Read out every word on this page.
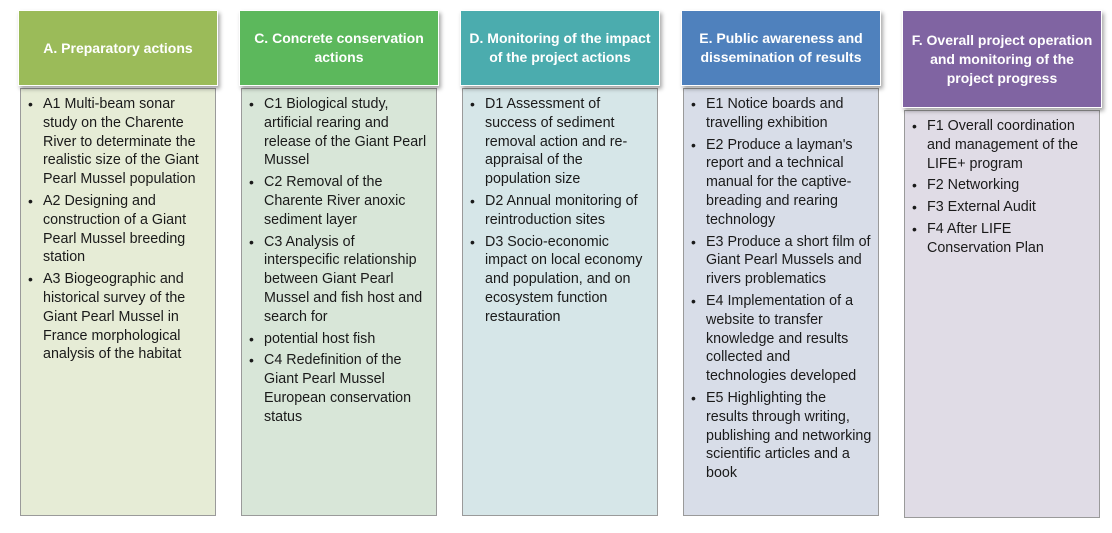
• A1 Multi-beam sonar study on the Charente River to determinate the realistic size of the Giant Pearl Mussel population
• A2 Designing and construction of a Giant Pearl Mussel breeding station
• A3 Biogeographic and historical survey of the Giant Pearl Mussel in France morphological analysis of the habitat
A. Preparatory actions
• C1 Biological study, artificial rearing and release of the Giant Pearl Mussel
• C2 Removal of the Charente River anoxic sediment layer
• C3 Analysis of interspecific relationship between Giant Pearl Mussel and fish host and search for
• potential host fish
• C4 Redefinition of the Giant Pearl Mussel European conservation status
C. Concrete conservation actions
• D1 Assessment of success of sediment removal action and re-appraisal of the population size
• D2 Annual monitoring of reintroduction sites
• D3 Socio-economic impact on local economy and population, and on ecosystem function restauration
D. Monitoring of the impact of the project actions
• E1 Notice boards and travelling exhibition
• E2 Produce a layman's report and a technical manual for the captive-breading and rearing technology
• E3 Produce a short film of Giant Pearl Mussels and rivers problematics
• E4 Implementation of a website to transfer knowledge and results collected and technologies developed
• E5 Highlighting the results through writing, publishing and networking scientific articles and a book
E. Public awareness and dissemination of results
• F1 Overall coordination and management of the LIFE+ program
• F2 Networking
• F3 External Audit
• F4 After LIFE Conservation Plan
F. Overall project operation and monitoring of the project progress
